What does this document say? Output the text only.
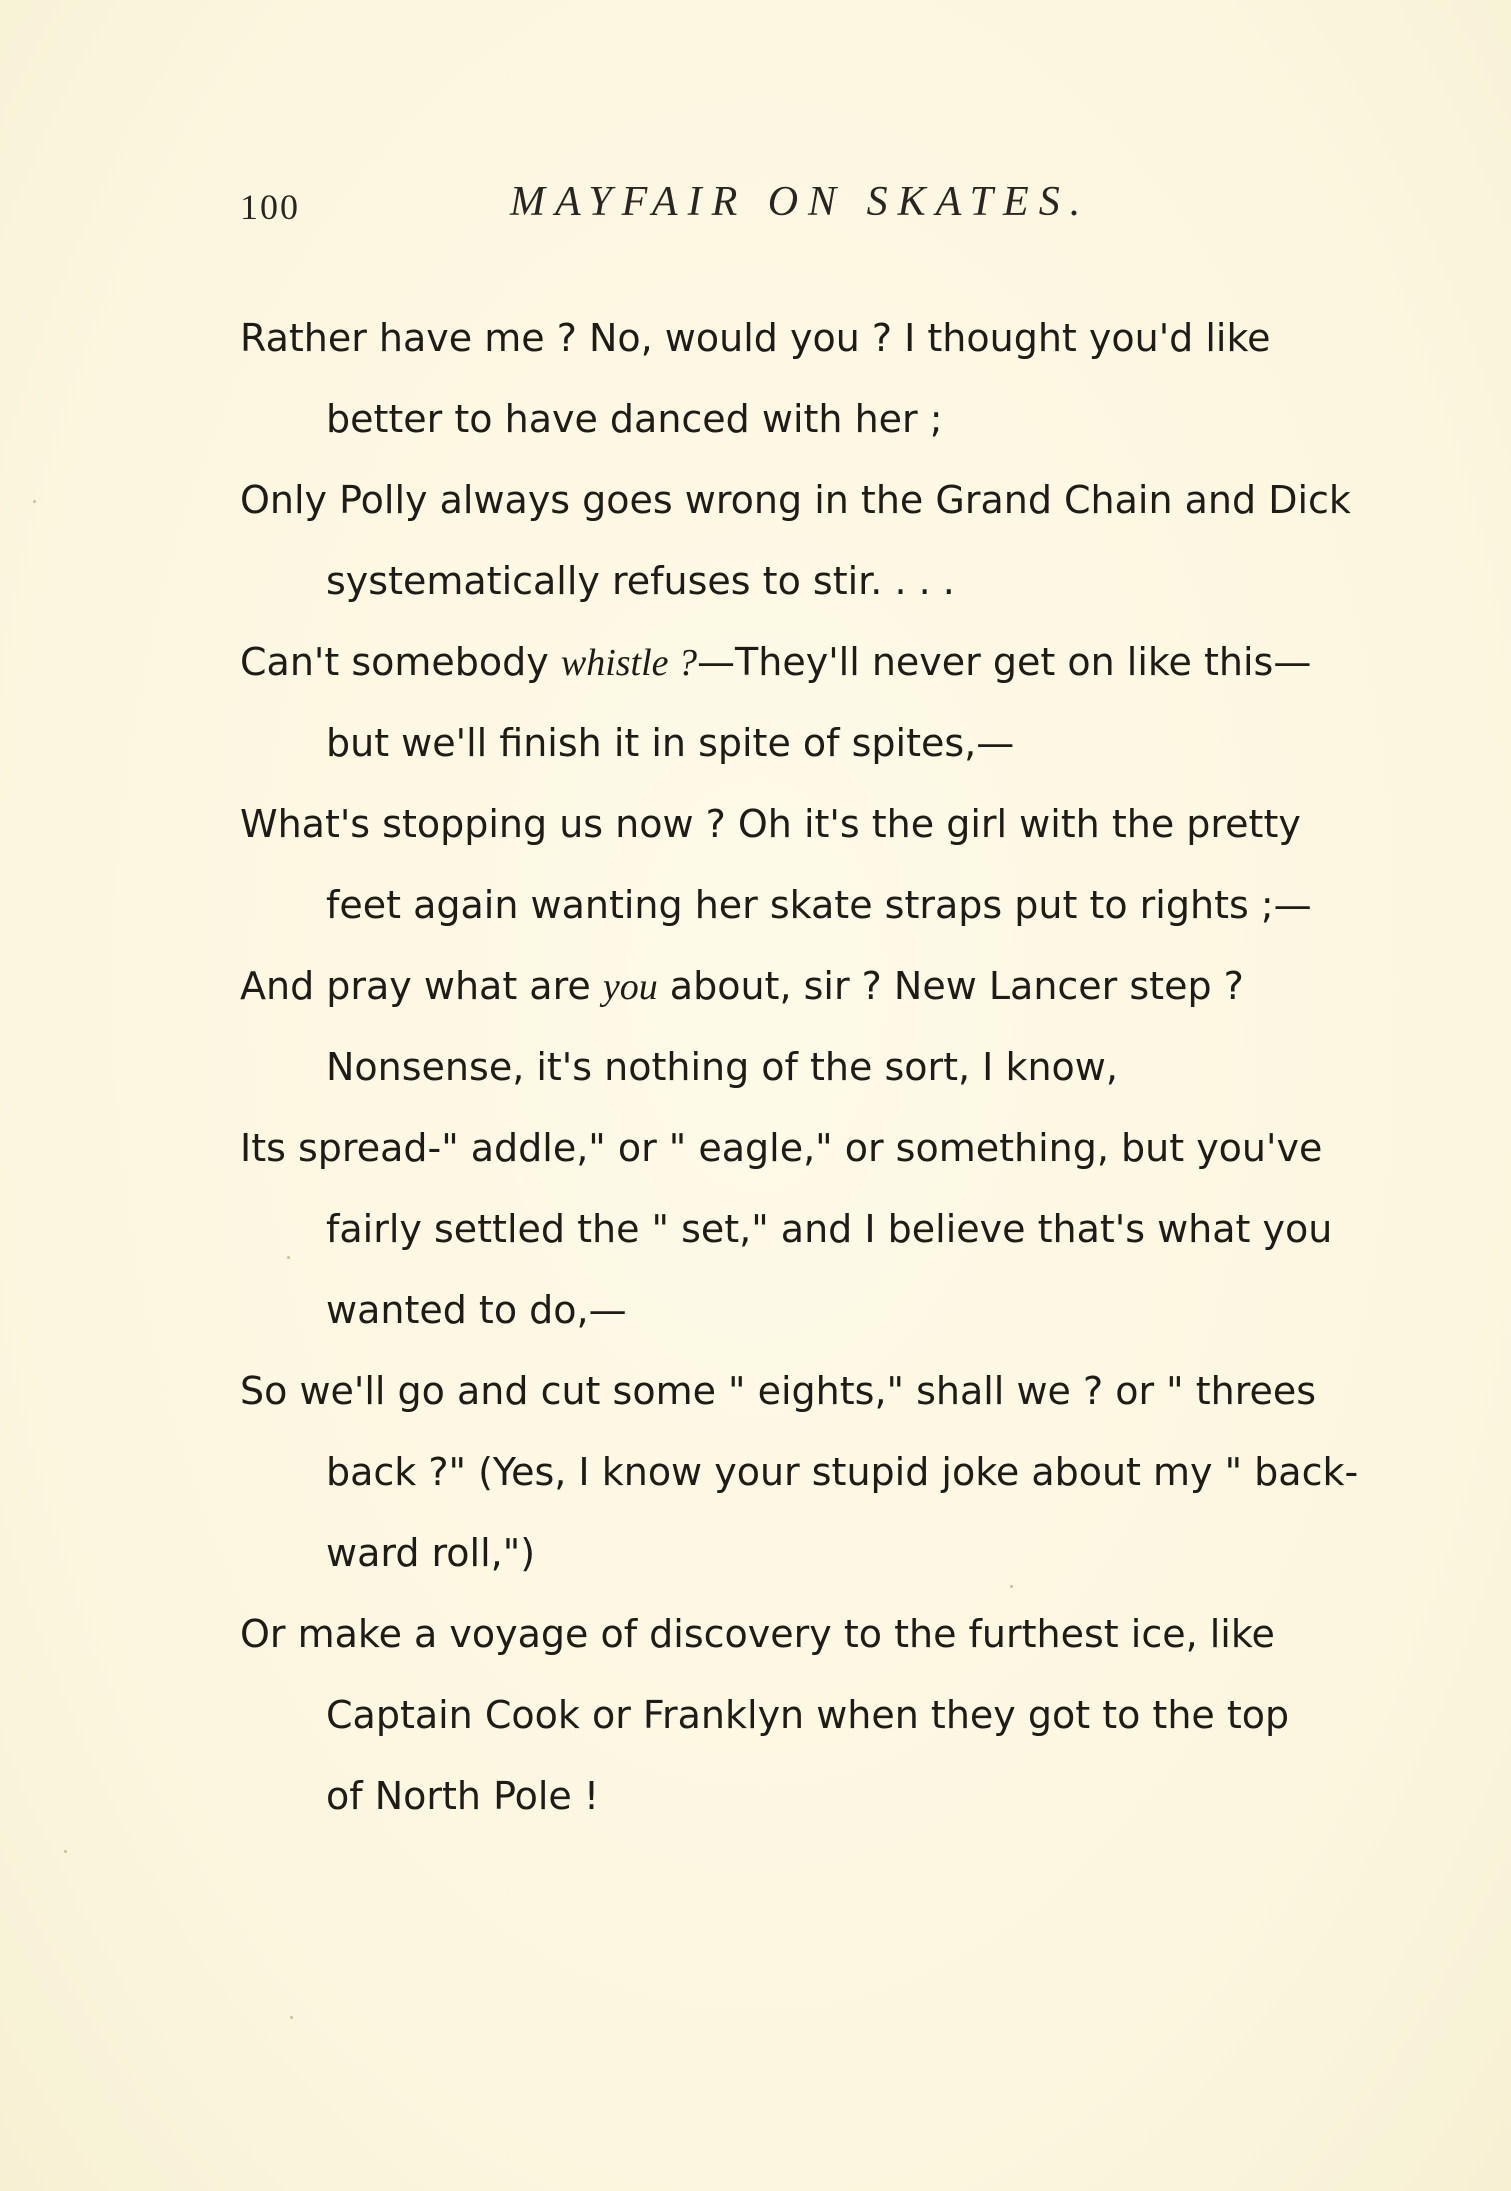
100	MAYFAIR ON SKATES.
Rather have me ? No, would you ? I thought you'd like
better to have danced with her ;
Only Polly always goes wrong in the Grand Chain and Dick
systematically refuses to stir. . . .
Can't somebody whistle ?—They'll never get on like this—
but we'll finish it in spite of spites,—
What's stopping us now ? Oh it's the girl with the pretty
feet again wanting her skate straps put to rights ;—
And pray what are you about, sir ? New Lancer step ?
Nonsense, it's nothing of the sort, I know,
Its spread-" addle," or " eagle," or something, but you've
fairly settled the " set," and I believe that's what you
wanted to do,—
So we'll go and cut some " eights," shall we ? or " threes
back ?" (Yes, I know your stupid joke about my " back-
ward roll,")
Or make a voyage of discovery to the furthest ice, like
Captain Cook or Franklyn when they got to the top
of North Pole !
